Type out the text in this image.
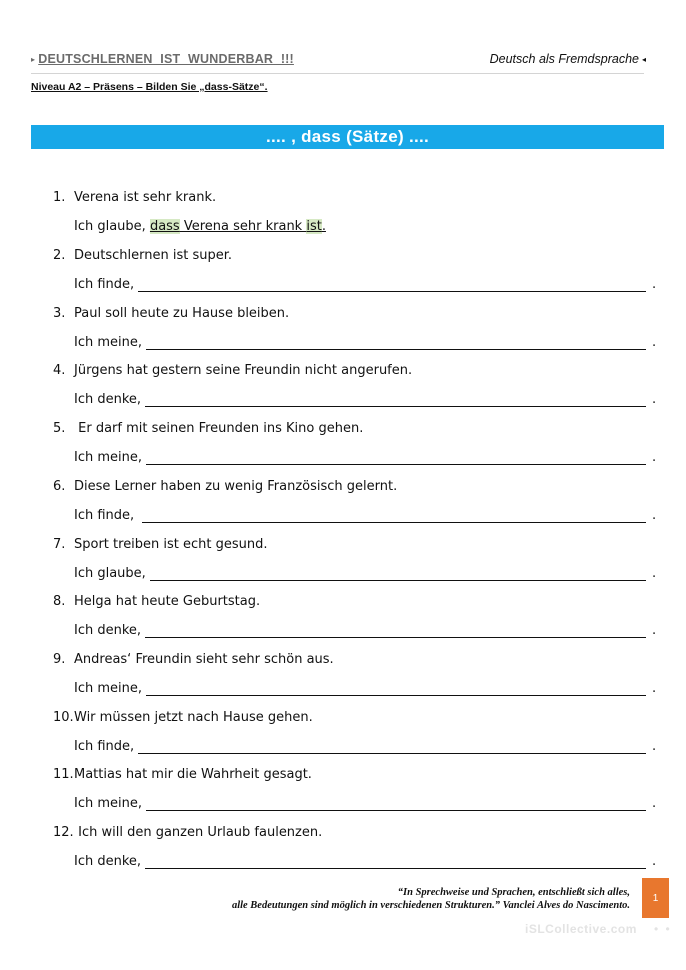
▸ DEUTSCHLERNEN IST WUNDERBAR !!!	Deutsch als Fremdsprache ◂
Niveau A2 – Präsens – Bilden Sie „dass-Sätze“.
.... , dass (Sätze) ....
1. Verena ist sehr krank.
Ich glaube, dass Verena sehr krank ist .
2. Deutschlernen ist super.
Ich finde,	.
3. Paul soll heute zu Hause bleiben.
Ich meine,	.
4. Jürgens hat gestern seine Freundin nicht angerufen.
Ich denke,	.
5. Er darf mit seinen Freunden ins Kino gehen.
Ich meine,	.
6. Diese Lerner haben zu wenig Französisch gelernt.
Ich finde,	.
7. Sport treiben ist echt gesund.
Ich glaube,	.
8. Helga hat heute Geburtstag.
Ich denke,	.
9. Andreas‘ Freundin sieht sehr schön aus.
Ich meine,	.
10.Wir müssen jetzt nach Hause gehen.
Ich finde,	.
11.Mattias hat mir die Wahrheit gesagt.
Ich meine,	.
12. Ich will den ganzen Urlaub faulenzen.
Ich denke,	.
“In Sprechweise und Sprachen, entschließt sich alles,
alle Bedeutungen sind möglich in verschiedenen Strukturen.” Vanclei Alves do Nascimento.
1
iSLCollective.com • •
